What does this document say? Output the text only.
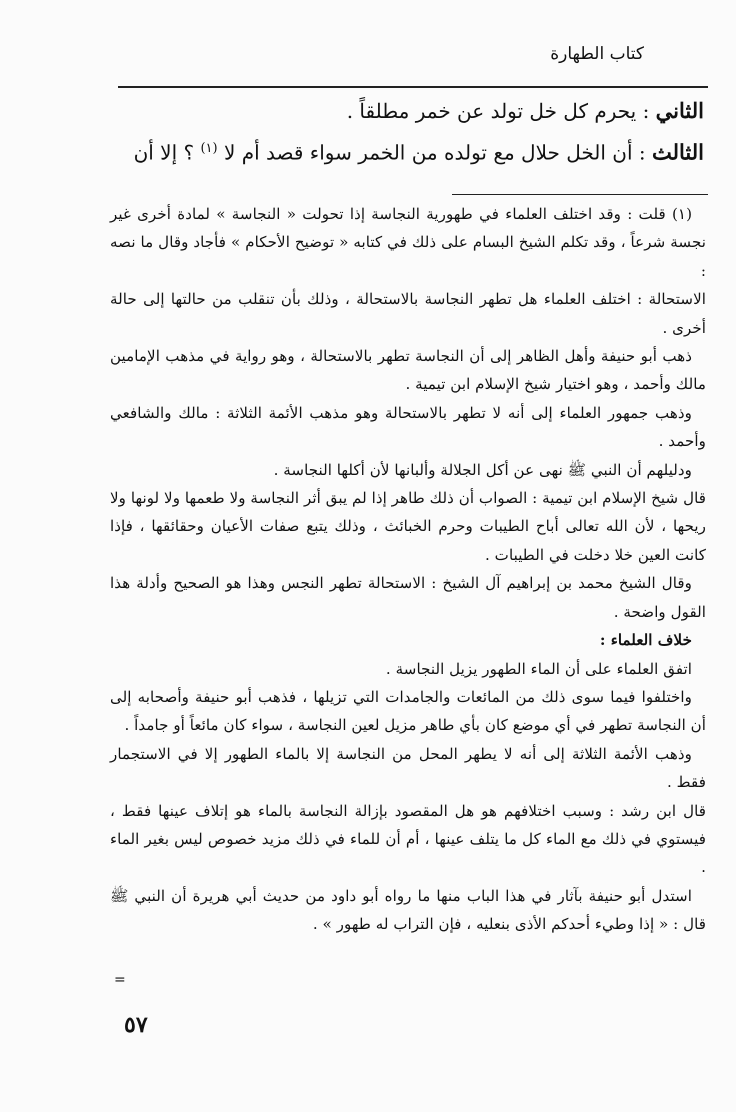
كتاب الطهارة

الثاني : يحرم كل خل تولد عن خمر مطلقاً .

الثالث : أن الخل حلال مع تولده من الخمر سواء قصد أم لا $^{(١)}$ ؟ إلا أن

(١) قلت : وقد اختلف العلماء في طهورية النجاسة إذا تحولت « النجاسة » لمادة أخرى غير نجسة شرعاً ، وقد تكلم الشيخ البسام على ذلك في كتابه « توضيح الأحكام » فأجاد وقال ما نصه :

الاستحالة : اختلف العلماء هل تطهر النجاسة بالاستحالة ، وذلك بأن تنقلب من حالتها إلى حالة أخرى .

ذهب أبو حنيفة وأهل الظاهر إلى أن النجاسة تطهر بالاستحالة ، وهو رواية في مذهب الإمامين مالك وأحمد ، وهو اختيار شيخ الإسلام ابن تيمية .

وذهب جمهور العلماء إلى أنه لا تطهر بالاستحالة وهو مذهب الأئمة الثلاثة : مالك والشافعي وأحمد .

ودليلهم أن النبي ﷺ نهى عن أكل الجلالة وألبانها لأن أكلها النجاسة .

قال شيخ الإسلام ابن تيمية : الصواب أن ذلك طاهر إذا لم يبق أثر النجاسة ولا طعمها ولا لونها ولا ريحها ، لأن الله تعالى أباح الطيبات وحرم الخبائث ، وذلك يتبع صفات الأعيان وحقائقها ، فإذا كانت العين خلا دخلت في الطيبات .

وقال الشيخ محمد بن إبراهيم آل الشيخ : الاستحالة تطهر النجس وهذا هو الصحيح وأدلة هذا القول واضحة .

خلاف العلماء :

اتفق العلماء على أن الماء الطهور يزيل النجاسة .

واختلفوا فيما سوى ذلك من المائعات والجامدات التي تزيلها ، فذهب أبو حنيفة وأصحابه إلى أن النجاسة تطهر في أي موضع كان بأي طاهر مزيل لعين النجاسة ، سواء كان مائعاً أو جامداً .

وذهب الأئمة الثلاثة إلى أنه لا يطهر المحل من النجاسة إلا بالماء الطهور إلا في الاستجمار فقط .

قال ابن رشد : وسبب اختلافهم هو هل المقصود بإزالة النجاسة بالماء هو إتلاف عينها فقط ، فيستوي في ذلك مع الماء كل ما يتلف عينها ، أم أن للماء في ذلك مزيد خصوص ليس بغير الماء .

استدل أبو حنيفة بآثار في هذا الباب منها ما رواه أبو داود من حديث أبي هريرة أن النبي ﷺ قال : « إذا وطيء أحدكم الأذى بنعليه ، فإن التراب له طهور » .

=
٥٧
